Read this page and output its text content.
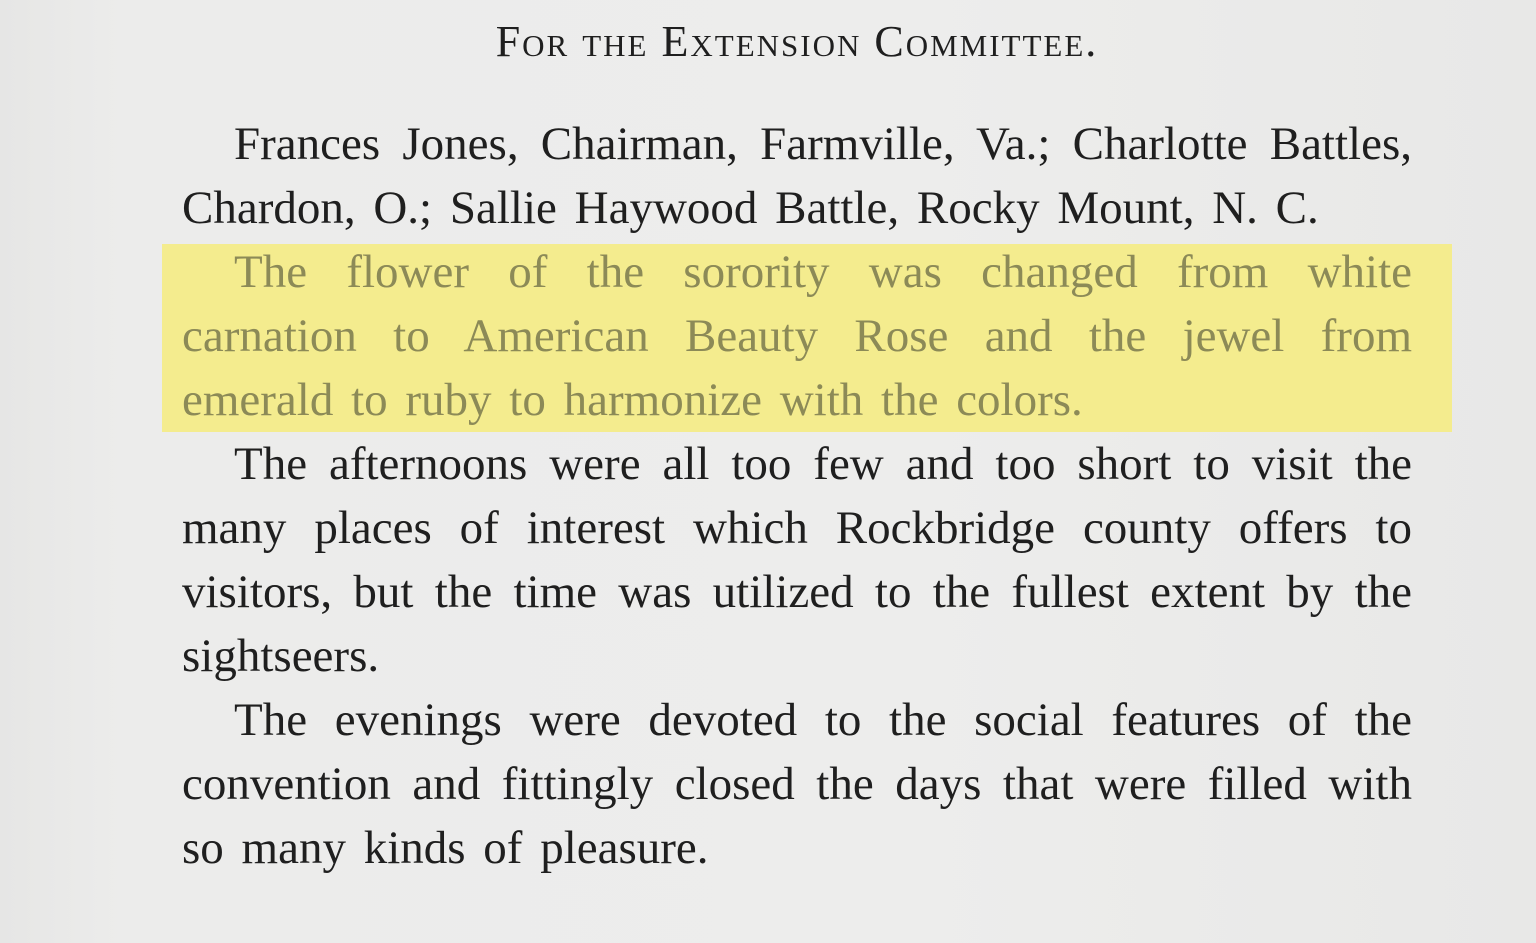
For the Extension Committee.

Frances Jones, Chairman, Farmville, Va.; Charlotte Battles, Chardon, O.; Sallie Haywood Battle, Rocky Mount, N. C.

The flower of the sorority was changed from white carnation to American Beauty Rose and the jewel from emerald to ruby to harmonize with the colors.

The afternoons were all too few and too short to visit the many places of interest which Rockbridge county offers to visitors, but the time was utilized to the fullest extent by the sightseers.

The evenings were devoted to the social features of the convention and fittingly closed the days that were filled with so many kinds of pleasure.
